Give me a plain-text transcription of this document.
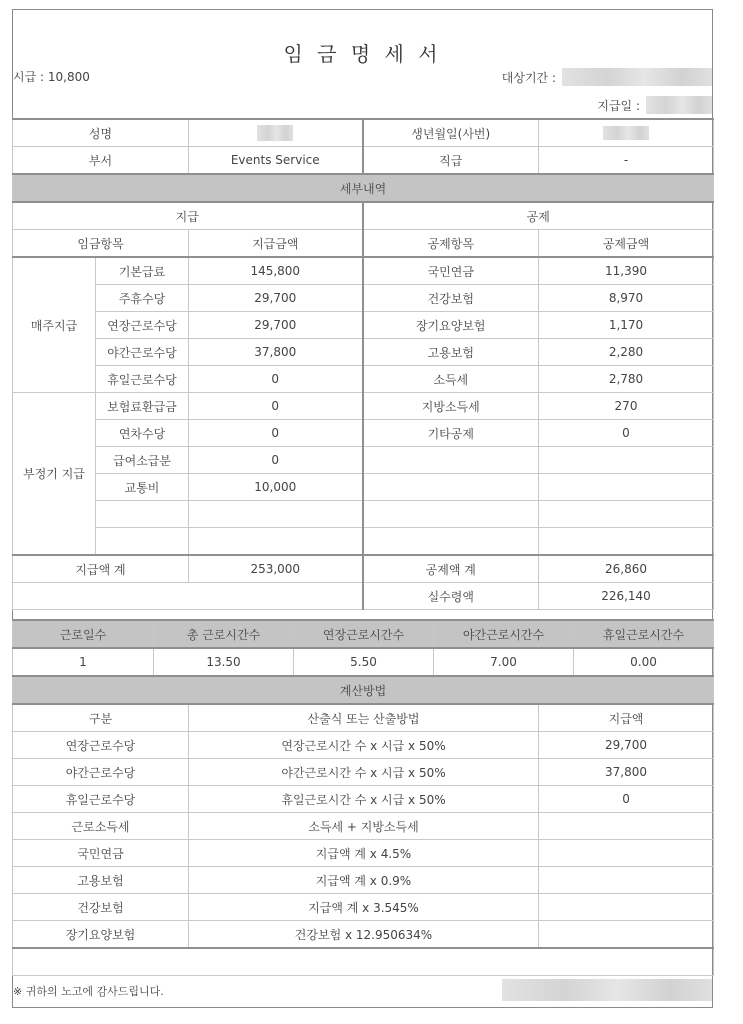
임 금 명 세 서
시급 : 10,800	대상기간 :
지급일 :
성명			생년월일(사번)	
부서		Events Service	직급	-
세부내역				
지급			공제	
임금항목		지급금액	공제항목	공제금액
매주지급	기본급료	145,800	국민연금	11,390
	주휴수당	29,700	건강보험	8,970
	연장근로수당	29,700	장기요양보험	1,170
	야간근로수당	37,800	고용보험	2,280
	휴일근로수당	0	소득세	2,780
부정기 지급	보험료환급금	0	지방소득세	270
	연차수당	0	기타공제	0
	급여소급분	0		
	교통비	10,000		

지급액 계		253,000	공제액 계	26,860
			실수령액	226,140
근로일수	총 근로시간수	연장근로시간수	야간근로시간수	휴일근로시간수
1	13.50	5.50	7.00	0.00
계산방법		
구분	산출식 또는 산출방법	지급액
연장근로수당	연장근로시간 수 x 시급 x 50%	29,700
야간근로수당	야간근로시간 수 x 시급 x 50%	37,800
휴일근로수당	휴일근로시간 수 x 시급 x 50%	0
근로소득세	소득세 + 지방소득세	
국민연금	지급액 계 x 4.5%	
고용보험	지급액 계 x 0.9%	
건강보험	지급액 계 x 3.545%	
장기요양보험	건강보험 x 12.950634%	

※ 귀하의 노고에 감사드립니다.
